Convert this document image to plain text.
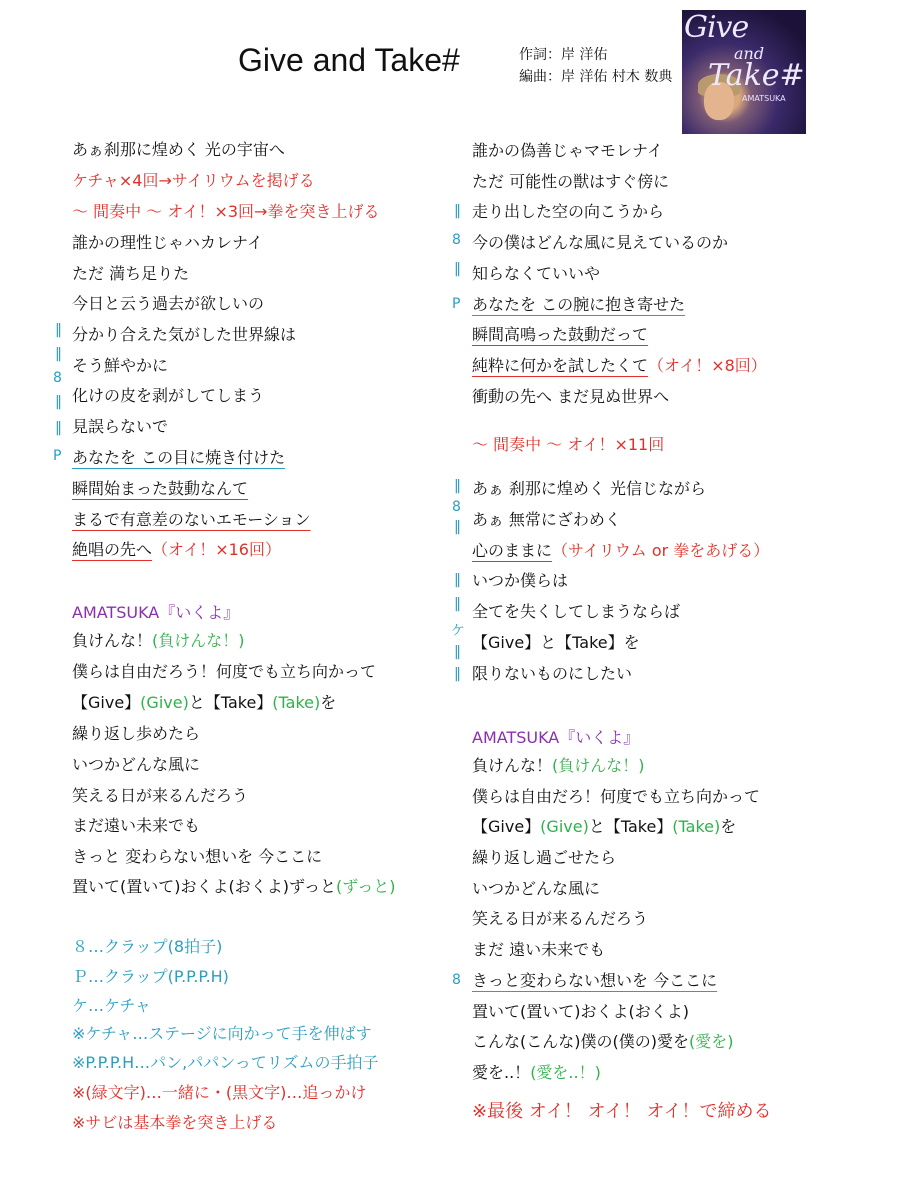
Give and Take#	作詞：岸 洋佑
編曲：岸 洋佑 村木 数典
Give
and
Take#
AMATSUKA
あぁ刹那に煌めく 光の宇宙へ
ケチャ×4回→サイリウムを掲げる
〜 間奏中 〜 オイ！×3回→拳を突き上げる
誰かの理性じゃハカレナイ
ただ 満ち足りた
今日と云う過去が欲しいの
分かり合えた気がした世界線は
そう鮮やかに
化けの皮を剥がしてしまう
見誤らないで
あなたを この目に焼き付けた
瞬間始まった鼓動なんて
まるで有意差のないエモーション
絶唱の先へ（オイ！×16回）
AMATSUKA『いくよ』
負けんな！(負けんな！)
僕らは自由だろう！何度でも立ち向かって
【Give】(Give)と【Take】(Take)を
繰り返し歩めたら
いつかどんな風に
笑える日が来るんだろう
まだ遠い未来でも
きっと 変わらない想いを 今ここに
置いて(置いて)おくよ(おくよ)ずっと(ずっと)
８…クラップ(8拍子)
Ｐ…クラップ(P.P.P.H)
ケ…ケチャ
※ケチャ…ステージに向かって手を伸ばす
※P.P.P.H…パン,パパンってリズムの手拍子
※(緑文字)…一緒に・(黒文字)…追っかけ
※サビは基本拳を突き上げる
‖
‖
8
‖
‖
P
誰かの偽善じゃマモレナイ
ただ 可能性の獣はすぐ傍に
走り出した空の向こうから
今の僕はどんな風に見えているのか
知らなくていいや
あなたを この腕に抱き寄せた
瞬間高鳴った鼓動だって
純粋に何かを試したくて（オイ！×8回）
衝動の先へ まだ見ぬ世界へ
〜 間奏中 〜 オイ！×11回
あぁ 刹那に煌めく 光信じながら
あぁ 無常にざわめく
心のままに（サイリウム or 拳をあげる）
いつか僕らは
全てを失くしてしまうならば
【Give】と【Take】を
限りないものにしたい
AMATSUKA『いくよ』
負けんな！(負けんな！)
僕らは自由だろ！何度でも立ち向かって
【Give】(Give)と【Take】(Take)を
繰り返し過ごせたら
いつかどんな風に
笑える日が来るんだろう
まだ 遠い未来でも
きっと変わらない想いを 今ここに
置いて(置いて)おくよ(おくよ)
こんな(こんな)僕の(僕の)愛を(愛を)
愛を..！(愛を..！)
※最後 オイ！ オイ！ オイ！で締める
‖
8
‖
P
‖
8
‖
‖
‖
ケ
‖
‖
8
